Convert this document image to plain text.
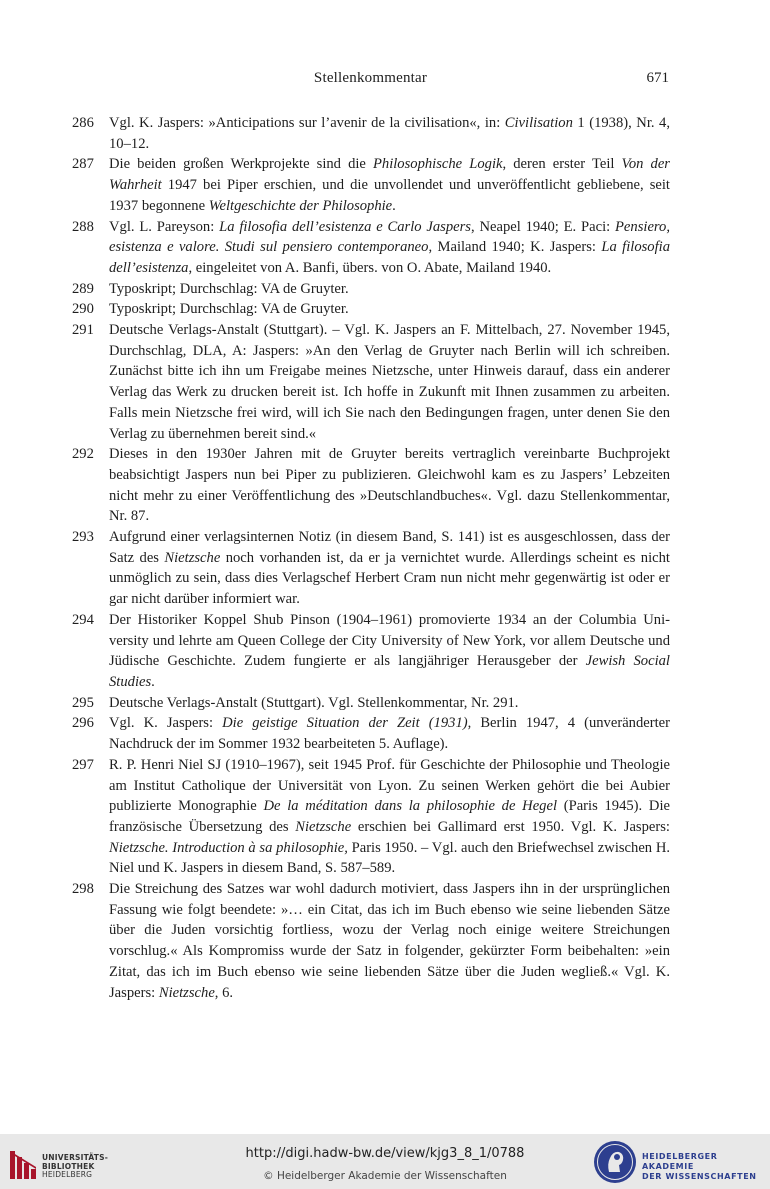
Stellenkommentar	671
286	Vgl. K. Jaspers: »Anticipations sur l’avenir de la civilisation«, in: Civilisation 1 (1938), Nr. 4, 10–12.
287	Die beiden großen Werkprojekte sind die Philosophische Logik, deren erster Teil Von der Wahrheit 1947 bei Piper erschien, und die unvollendet und unveröffentlicht gebliebene, seit 1937 begonnene Weltgeschichte der Philosophie.
288	Vgl. L. Pareyson: La filosofia dell’esistenza e Carlo Jaspers, Neapel 1940; E. Paci: Pensiero, esistenza e valore. Studi sul pensiero contemporaneo, Mailand 1940; K. Jaspers: La filosofia dell’esistenza, eingeleitet von A. Banfi, übers. von O. Abate, Mailand 1940.
289	Typoskript; Durchschlag: VA de Gruyter.
290	Typoskript; Durchschlag: VA de Gruyter.
291	Deutsche Verlags-Anstalt (Stuttgart). – Vgl. K. Jaspers an F. Mittelbach, 27. November 1945, Durchschlag, DLA, A: Jaspers: »An den Verlag de Gruyter nach Berlin will ich schreiben. Zunächst bitte ich ihn um Freigabe meines Nietzsche, unter Hinweis darauf, dass ein anderer Verlag das Werk zu drucken bereit ist. Ich hoffe in Zukunft mit Ihnen zusammen zu arbeiten. Falls mein Nietzsche frei wird, will ich Sie nach den Bedingungen fragen, unter denen Sie den Verlag zu übernehmen bereit sind.«
292	Dieses in den 1930er Jahren mit de Gruyter bereits vertraglich vereinbarte Buchprojekt beabsichtigt Jaspers nun bei Piper zu publizieren. Gleichwohl kam es zu Jaspers’ Lebzeiten nicht mehr zu einer Veröffentlichung des »Deutschlandbuches«. Vgl. dazu Stellenkommentar, Nr. 87.
293	Aufgrund einer verlagsinternen Notiz (in diesem Band, S. 141) ist es ausgeschlossen, dass der Satz des Nietzsche noch vorhanden ist, da er ja vernichtet wurde. Allerdings scheint es nicht unmöglich zu sein, dass dies Verlagschef Herbert Cram nun nicht mehr gegenwärtig ist oder er gar nicht darüber informiert war.
294	Der Historiker Koppel Shub Pinson (1904–1961) promovierte 1934 an der Columbia University und lehrte am Queen College der City University of New York, vor allem Deutsche und Jüdische Geschichte. Zudem fungierte er als langjähriger Herausgeber der Jewish Social Studies.
295	Deutsche Verlags-Anstalt (Stuttgart). Vgl. Stellenkommentar, Nr. 291.
296	Vgl. K. Jaspers: Die geistige Situation der Zeit (1931), Berlin 1947, 4 (unveränderter Nachdruck der im Sommer 1932 bearbeiteten 5. Auflage).
297	R. P. Henri Niel SJ (1910–1967), seit 1945 Prof. für Geschichte der Philosophie und Theologie am Institut Catholique der Universität von Lyon. Zu seinen Werken gehört die bei Aubier publizierte Monographie De la méditation dans la philosophie de Hegel (Paris 1945). Die französische Übersetzung des Nietzsche erschien bei Gallimard erst 1950. Vgl. K. Jaspers: Nietzsche. Introduction à sa philosophie, Paris 1950. – Vgl. auch den Briefwechsel zwischen H. Niel und K. Jaspers in diesem Band, S. 587–589.
298	Die Streichung des Satzes war wohl dadurch motiviert, dass Jaspers ihn in der ursprünglichen Fassung wie folgt beendete: »… ein Citat, das ich im Buch ebenso wie seine liebenden Sätze über die Juden vorsichtig fortliess, wozu der Verlag noch einige weitere Streichungen vorschlug.« Als Kompromiss wurde der Satz in folgender, gekürzter Form beibehalten: »ein Zitat, das ich im Buch ebenso wie seine liebenden Sätze über die Juden wegließ.« Vgl. K. Jaspers: Nietzsche, 6.
UNIVERSITÄTS-
BIBLIOTHEK
HEIDELBERG
http://digi.hadw-bw.de/view/kjg3_8_1/0788
© Heidelberger Akademie der Wissenschaften
HEIDELBERGER AKADEMIE
DER WISSENSCHAFTEN
